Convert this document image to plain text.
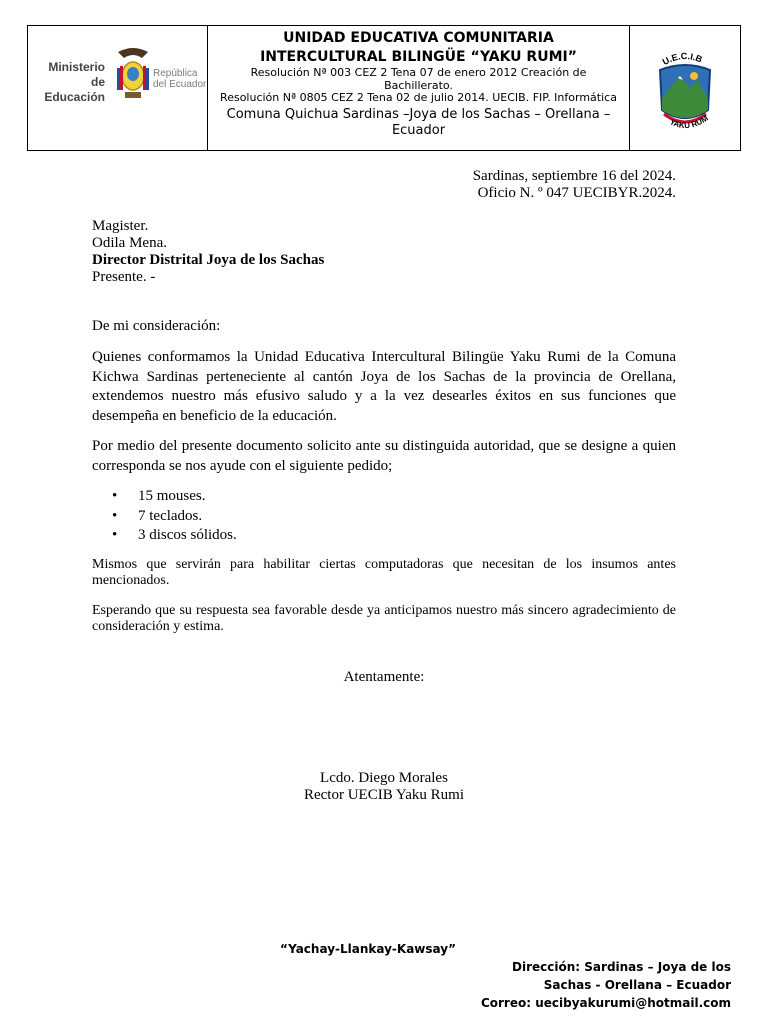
Ministerio
de Educación
República
del Ecuador
UNIDAD EDUCATIVA COMUNITARIA
INTERCULTURAL BILINGÜE “YAKU RUMI”
Resolución Nª 003 CEZ 2 Tena 07 de enero 2012 Creación de Bachillerato.
Resolución Nª 0805 CEZ 2 Tena 02 de julio 2014. UECIB. FIP. Informática
Comuna Quichua Sardinas –Joya de los Sachas – Orellana – Ecuador
U.E.C.I.B
YAKU RUM
Sardinas, septiembre 16 del 2024.
Oficio N. º 047 UECIBYR.2024.
Magister.
Odila Mena.
Director Distrital Joya de los Sachas
Presente. -
De mi consideración:
Quienes conformamos la Unidad Educativa Intercultural Bilingüe Yaku Rumi de la Comuna Kichwa Sardinas perteneciente al cantón Joya de los Sachas de la provincia de Orellana, extendemos nuestro más efusivo saludo y a la vez desearles éxitos en sus funciones que desempeña en beneficio de la educación.
Por medio del presente documento solicito ante su distinguida autoridad, que se designe a quien corresponda se nos ayude con el siguiente pedido;
• 15 mouses.
• 7 teclados.
• 3 discos sólidos.
Mismos que servirán para habilitar ciertas computadoras que necesitan de los insumos antes mencionados.
Esperando que su respuesta sea favorable desde ya anticipamos nuestro más sincero agradecimiento de consideración y estima.
Atentamente:
Lcdo. Diego Morales
Rector UECIB Yaku Rumi
“Yachay-Llankay-Kawsay”
Dirección: Sardinas – Joya de los
Sachas - Orellana – Ecuador
Correo: uecibyakurumi@hotmail.com
